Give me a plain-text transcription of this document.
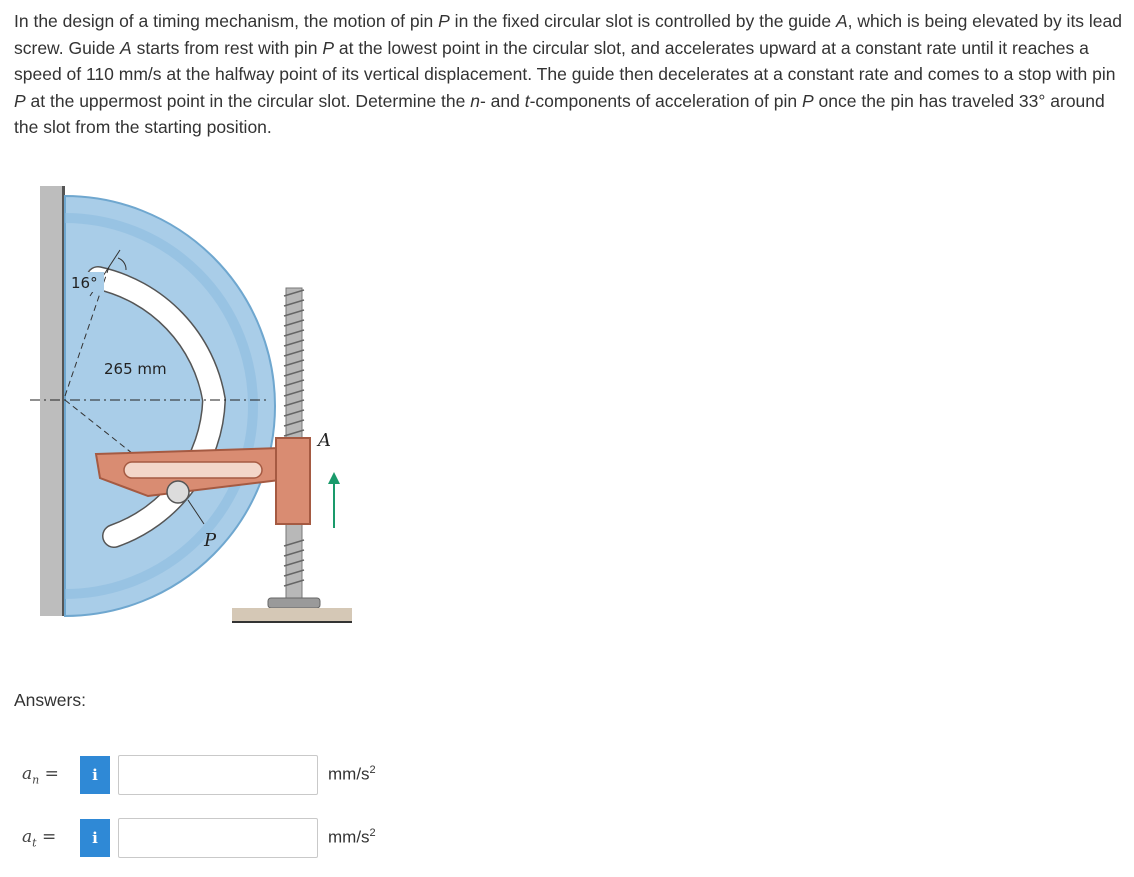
In the design of a timing mechanism, the motion of pin P in the fixed circular slot is controlled by the guide A, which is being elevated by its lead screw. Guide A starts from rest with pin P at the lowest point in the circular slot, and accelerates upward at a constant rate until it reaches a speed of 110 mm/s at the halfway point of its vertical displacement. The guide then decelerates at a constant rate and comes to a stop with pin P at the uppermost point in the circular slot. Determine the n- and t-components of acceleration of pin P once the pin has traveled 33° around the slot from the starting position.

16°
265 mm
P
A
Answers:
$a_n$ =	i	$mm/s^2$
$a_t$ =	i	$mm/s^2$
